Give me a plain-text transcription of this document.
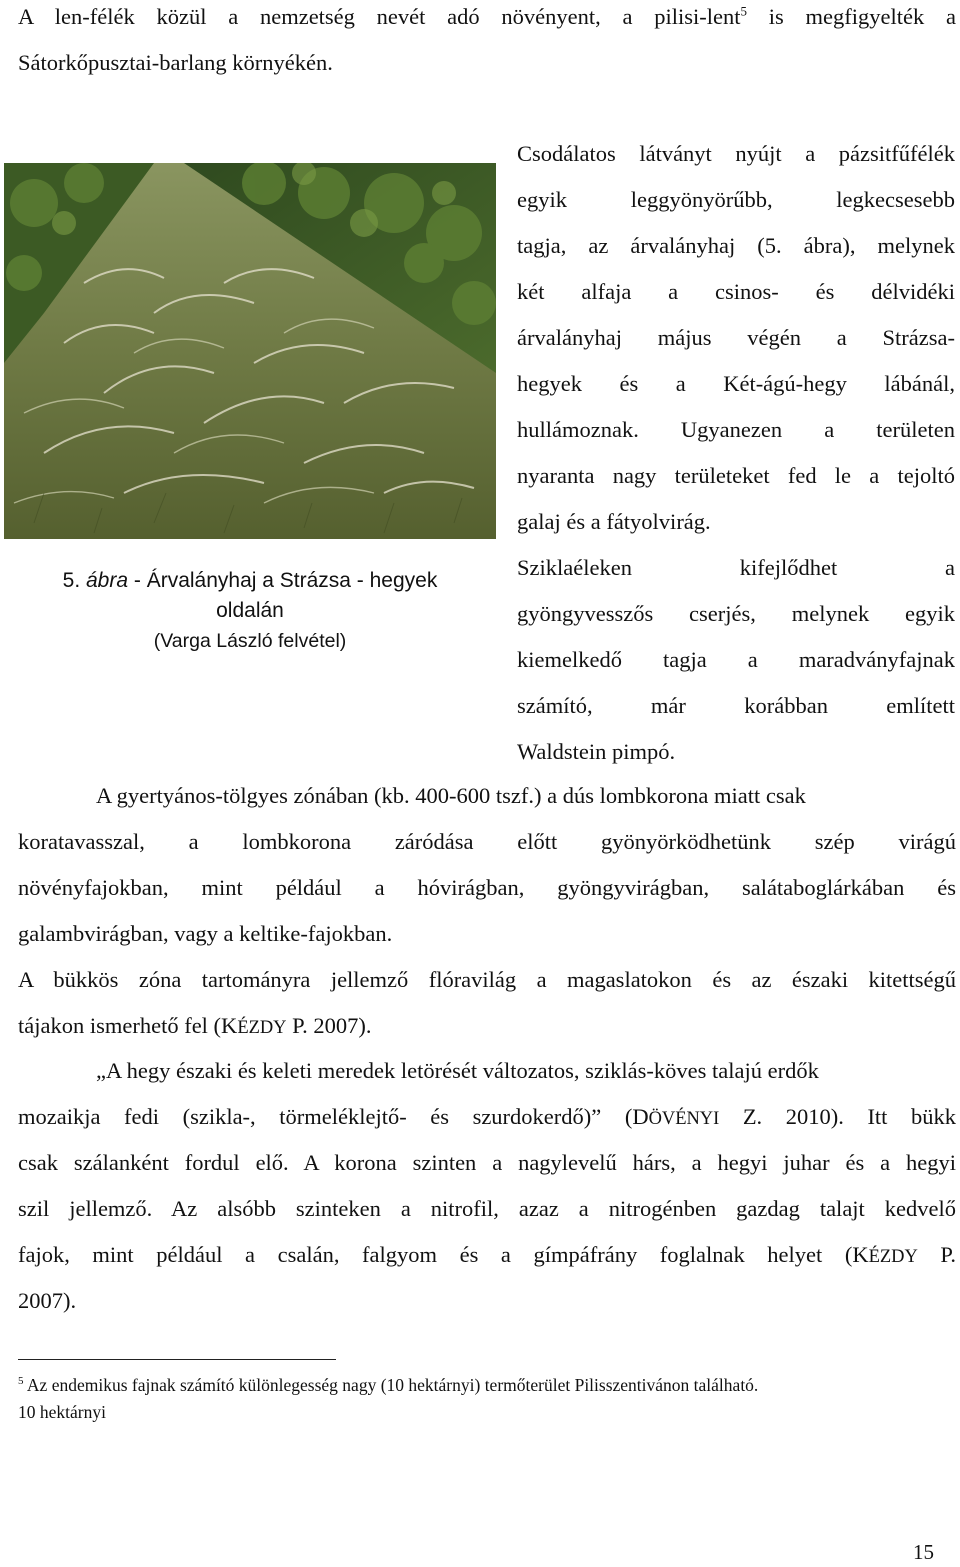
A len-félék közül a nemzetség nevét adó növényent, a pilisi-lent$^5$ is megfigyelték a
Sátorkőpusztai-barlang környékén.
5. ábra - Árvalányhaj a Strázsa - hegyek
oldalán
(Varga László felvétel)
Csodálatos látványt nyújt a pázsitfűfélék
egyik leggyönyörűbb, legkecsesebb
tagja, az árvalányhaj (5. ábra), melynek
két alfaja a csinos- és délvidéki
árvalányhaj május végén a Strázsa-
hegyek és a Két-ágú-hegy lábánál,
hullámoznak. Ugyanezen a területen
nyaranta nagy területeket fed le a tejoltó
galaj és a fátyolvirág.
Sziklaéleken kifejlődhet a
gyöngyvesszős cserjés, melynek egyik
kiemelkedő tagja a maradványfajnak
számító, már korábban említett
Waldstein pimpó.
A gyertyános-tölgyes zónában (kb. 400-600 tszf.) a dús lombkorona miatt csak
koratavasszal, a lombkorona záródása előtt gyönyörködhetünk szép virágú
növényfajokban, mint például a hóvirágban, gyöngyvirágban, salátaboglárkában és
galambvirágban, vagy a keltike-fajokban.
A bükkös zóna tartományra jellemző flóravilág a magaslatokon és az északi kitettségű
tájakon ismerhető fel (KÉZDY P. 2007).
„A hegy északi és keleti meredek letörését változatos, sziklás-köves talajú erdők
mozaikja fedi (szikla-, törmeléklejtő- és szurdokerdő)” (DÖVÉNYI Z. 2010). Itt bükk
csak szálanként fordul elő. A korona szinten a nagylevelű hárs, a hegyi juhar és a hegyi
szil jellemző. Az alsóbb szinteken a nitrofil, azaz a nitrogénben gazdag talajt kedvelő
fajok, mint például a csalán, falgyom és a gímpáfrány foglalnak helyet (KÉZDY P.
2007).
$^5$ Az endemikus fajnak számító különlegesség nagy (10 hektárnyi) termőterület Pilisszentivánon található.
10 hektárnyi
15
